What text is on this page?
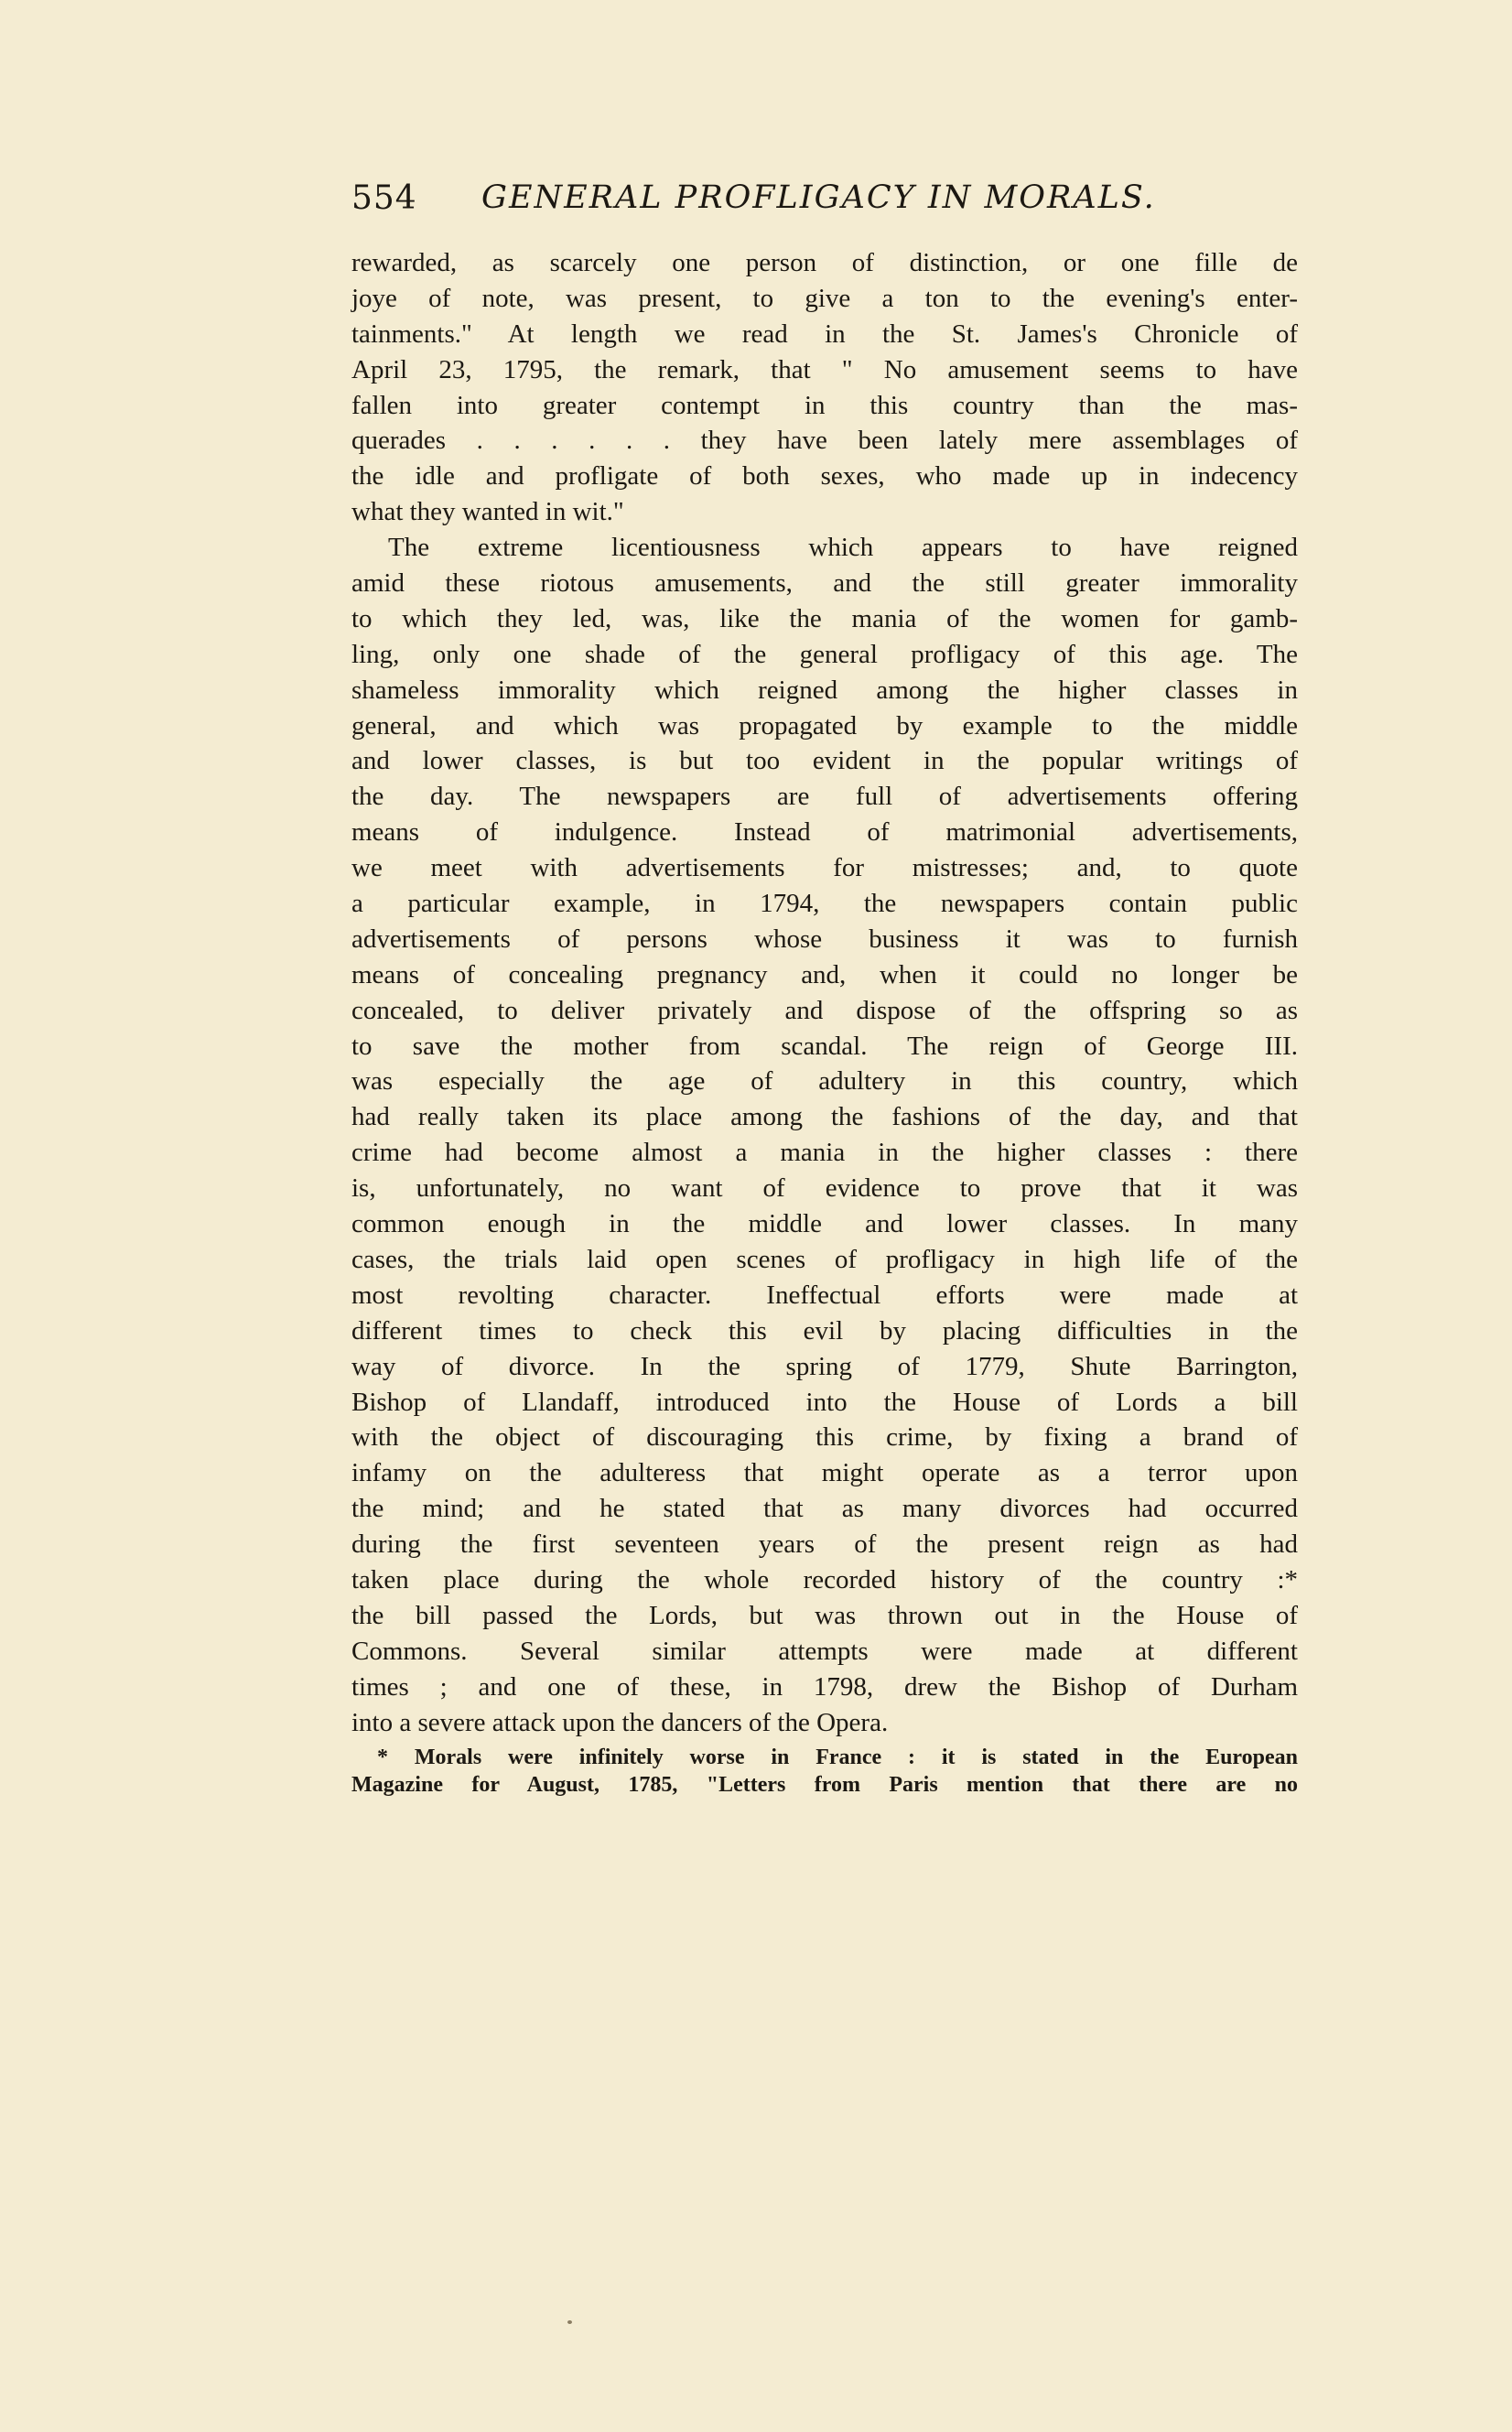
554 GENERAL PROFLIGACY IN MORALS.
rewarded, as scarcely one person of distinction, or one fille de
joye of note, was present, to give a ton to the evening's enter-
tainments." At length we read in the St. James's Chronicle of
April 23, 1795, the remark, that " No amusement seems to have
fallen into greater contempt in this country than the mas-
querades . . . . . . they have been lately mere assemblages of
the idle and profligate of both sexes, who made up in indecency
what they wanted in wit."
The extreme licentiousness which appears to have reigned
amid these riotous amusements, and the still greater immorality
to which they led, was, like the mania of the women for gamb-
ling, only one shade of the general profligacy of this age. The
shameless immorality which reigned among the higher classes in
general, and which was propagated by example to the middle
and lower classes, is but too evident in the popular writings of
the day. The newspapers are full of advertisements offering
means of indulgence. Instead of matrimonial advertisements,
we meet with advertisements for mistresses; and, to quote
a particular example, in 1794, the newspapers contain public
advertisements of persons whose business it was to furnish
means of concealing pregnancy and, when it could no longer be
concealed, to deliver privately and dispose of the offspring so as
to save the mother from scandal. The reign of George III.
was especially the age of adultery in this country, which
had really taken its place among the fashions of the day, and that
crime had become almost a mania in the higher classes : there
is, unfortunately, no want of evidence to prove that it was
common enough in the middle and lower classes. In many
cases, the trials laid open scenes of profligacy in high life of the
most revolting character. Ineffectual efforts were made at
different times to check this evil by placing difficulties in the
way of divorce. In the spring of 1779, Shute Barrington,
Bishop of Llandaff, introduced into the House of Lords a bill
with the object of discouraging this crime, by fixing a brand of
infamy on the adulteress that might operate as a terror upon
the mind; and he stated that as many divorces had occurred
during the first seventeen years of the present reign as had
taken place during the whole recorded history of the country :*
the bill passed the Lords, but was thrown out in the House of
Commons. Several similar attempts were made at different
times ; and one of these, in 1798, drew the Bishop of Durham
into a severe attack upon the dancers of the Opera.
* Morals were infinitely worse in France : it is stated in the European
Magazine for August, 1785, "Letters from Paris mention that there are no
